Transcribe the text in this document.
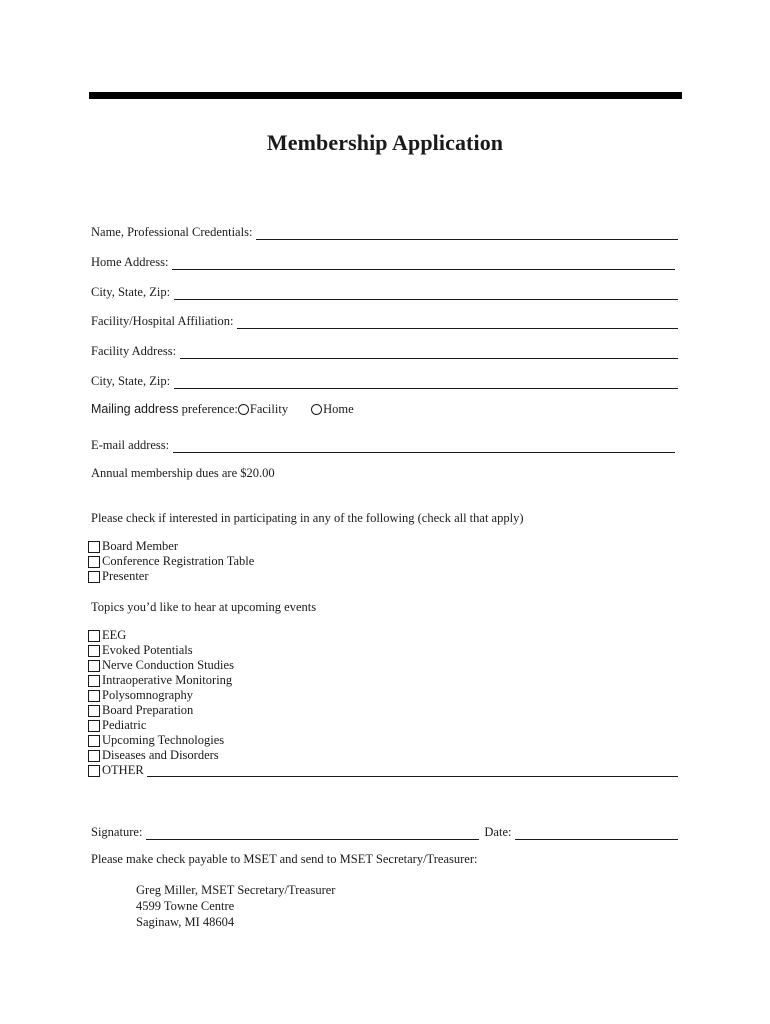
Membership Application
Name, Professional Credentials:
Home Address:
City, State, Zip:
Facility/Hospital Affiliation:
Facility Address:
City, State, Zip:
Mailing address preference: Facility	Home
E-mail address:
Annual membership dues are $20.00
Please check if interested in participating in any of the following (check all that apply)
Board Member
Conference Registration Table
Presenter
Topics you’d like to hear at upcoming events
EEG
Evoked Potentials
Nerve Conduction Studies
Intraoperative Monitoring
Polysomnography
Board Preparation
Pediatric
Upcoming Technologies
Diseases and Disorders
OTHER
Signature:	Date:
Please make check payable to MSET and send to MSET Secretary/Treasurer:
Greg Miller, MSET Secretary/Treasurer
4599 Towne Centre
Saginaw, MI 48604
